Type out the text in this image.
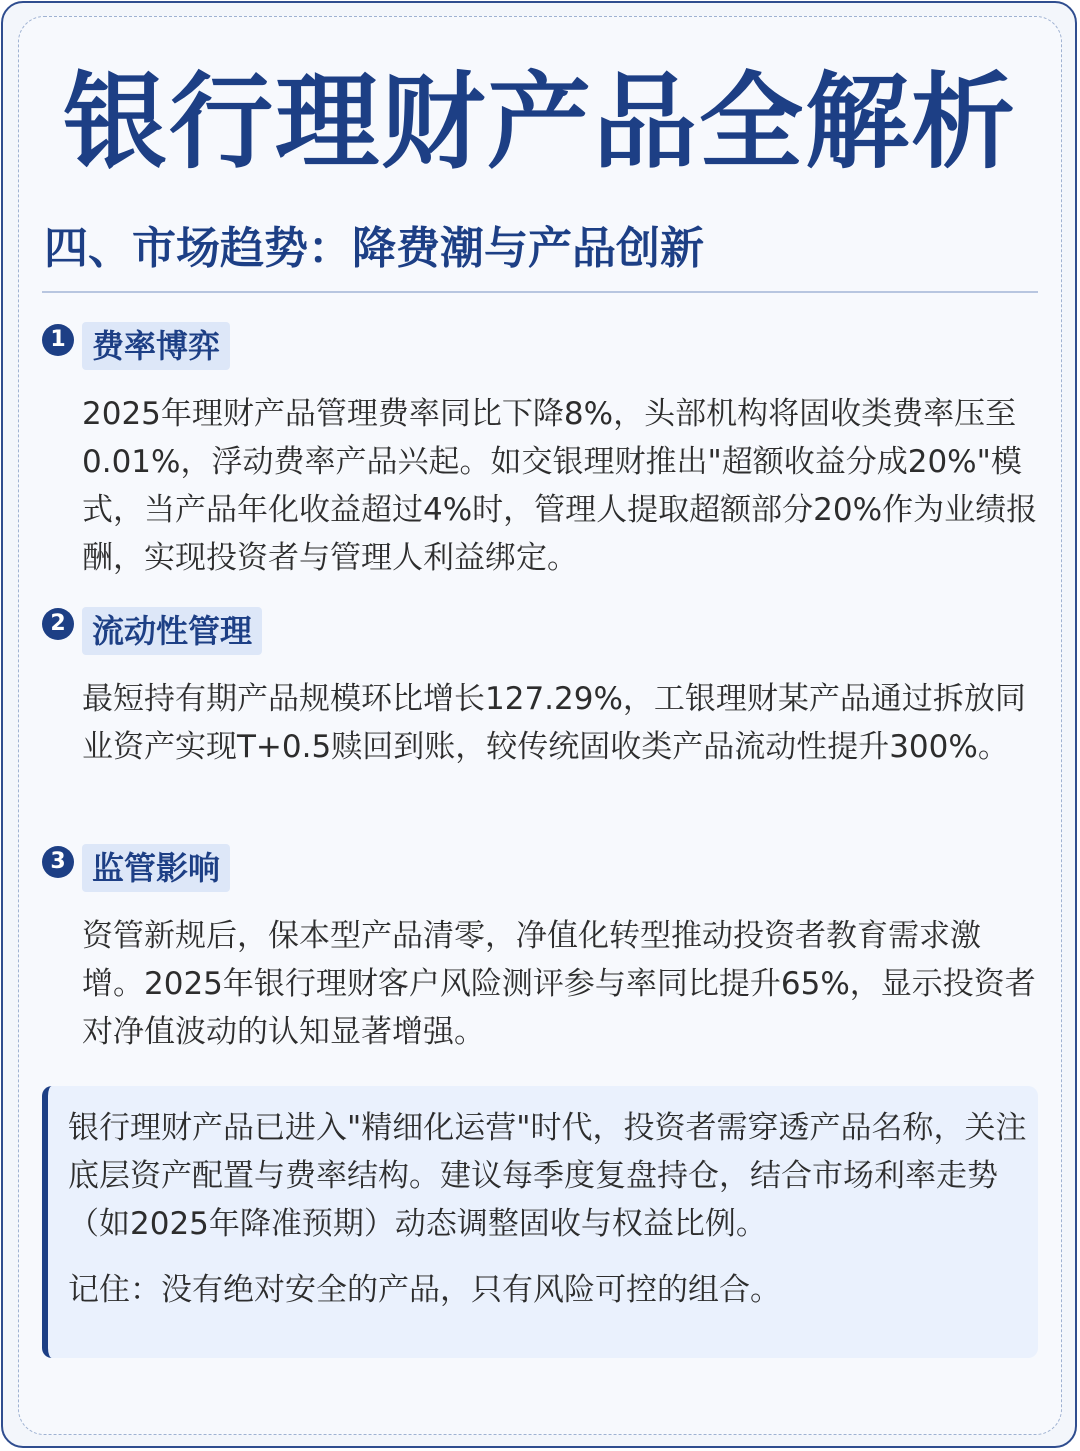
银行理财产品全解析
四、市场趋势：降费潮与产品创新
1 费率博弈

2025年理财产品管理费率同比下降8%，头部机构将固收类费率压至0.01%，浮动费率产品兴起。如交银理财推出"超额收益分成20%"模式，当产品年化收益超过4%时，管理人提取超额部分20%作为业绩报酬，实现投资者与管理人利益绑定。

2 流动性管理

最短持有期产品规模环比增长127.29%，工银理财某产品通过拆放同业资产实现T+0.5赎回到账，较传统固收类产品流动性提升300%。

3 监管影响

资管新规后，保本型产品清零，净值化转型推动投资者教育需求激增。2025年银行理财客户风险测评参与率同比提升65%，显示投资者对净值波动的认知显著增强。

银行理财产品已进入"精细化运营"时代，投资者需穿透产品名称，关注底层资产配置与费率结构。建议每季度复盘持仓，结合市场利率走势（如2025年降准预期）动态调整固收与权益比例。

记住：没有绝对安全的产品，只有风险可控的组合。
